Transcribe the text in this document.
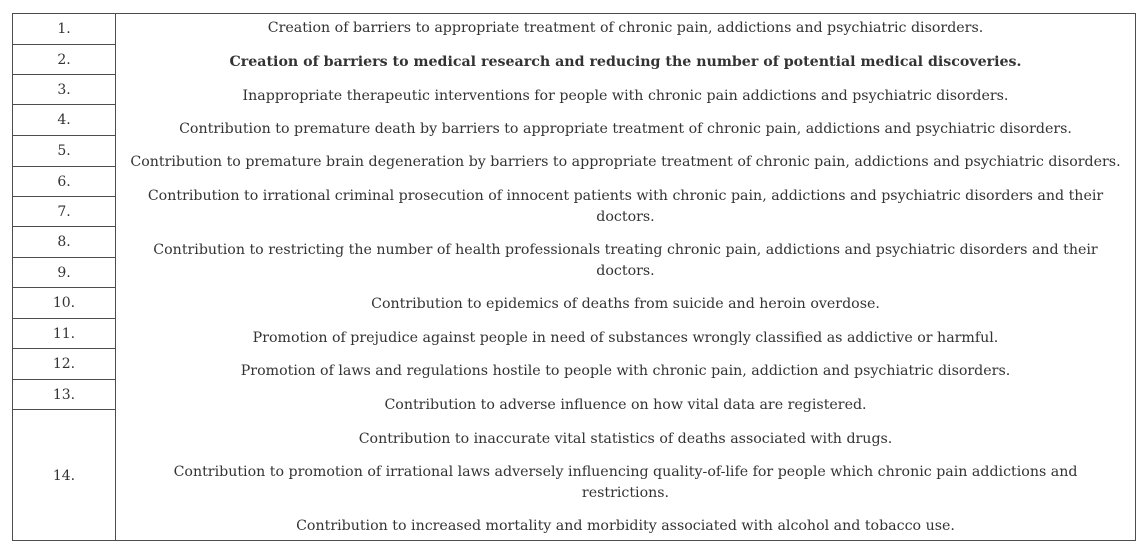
1.
2.
3.
4.
5.
6.
7.
8.
9.
10.
11.
12.
13.
14.
Creation of barriers to appropriate treatment of chronic pain, addictions and psychiatric disorders.
Creation of barriers to medical research and reducing the number of potential medical discoveries.
Inappropriate therapeutic interventions for people with chronic pain addictions and psychiatric disorders.
Contribution to premature death by barriers to appropriate treatment of chronic pain, addictions and psychiatric disorders.
Contribution to premature brain degeneration by barriers to appropriate treatment of chronic pain, addictions and psychiatric disorders.
Contribution to irrational criminal prosecution of innocent patients with chronic pain, addictions and psychiatric disorders and their doctors.
Contribution to restricting the number of health professionals treating chronic pain, addictions and psychiatric disorders and their doctors.
Contribution to epidemics of deaths from suicide and heroin overdose.
Promotion of prejudice against people in need of substances wrongly classified as addictive or harmful.
Promotion of laws and regulations hostile to people with chronic pain, addiction and psychiatric disorders.
Contribution to adverse influence on how vital data are registered.
Contribution to inaccurate vital statistics of deaths associated with drugs.
Contribution to promotion of irrational laws adversely influencing quality-of-life for people which chronic pain addictions and restrictions.
Contribution to increased mortality and morbidity associated with alcohol and tobacco use.
